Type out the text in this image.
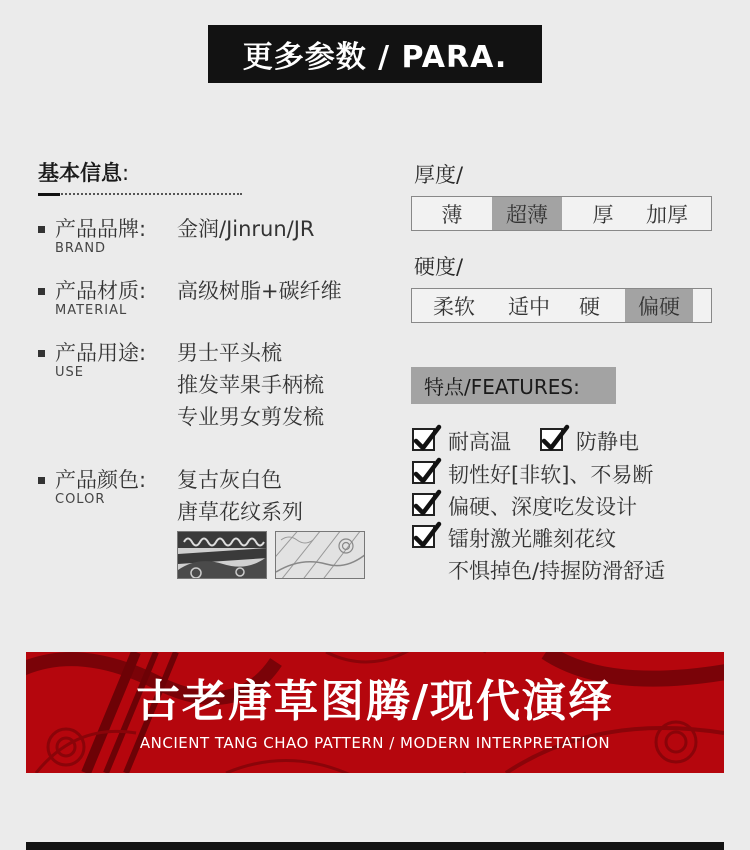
更多参数 / PARA.
基本信息:
产品品牌:
BRAND
金润/Jinrun/JR
产品材质:
MATERIAL
高级树脂+碳纤维
产品用途:
USE
男士平头梳
推发苹果手柄梳
专业男女剪发梳
产品颜色:
COLOR
复古灰白色
唐草花纹系列
厚度/
薄	超薄	厚	加厚
硬度/
柔软	适中	硬	偏硬
特点/FEATURES:
耐高温	防静电
韧性好[非软]、不易断
偏硬、深度吃发设计
镭射激光雕刻花纹
不惧掉色/持握防滑舒适
古老唐草图腾/现代演绎
ANCIENT TANG CHAO PATTERN / MODERN INTERPRETATION
